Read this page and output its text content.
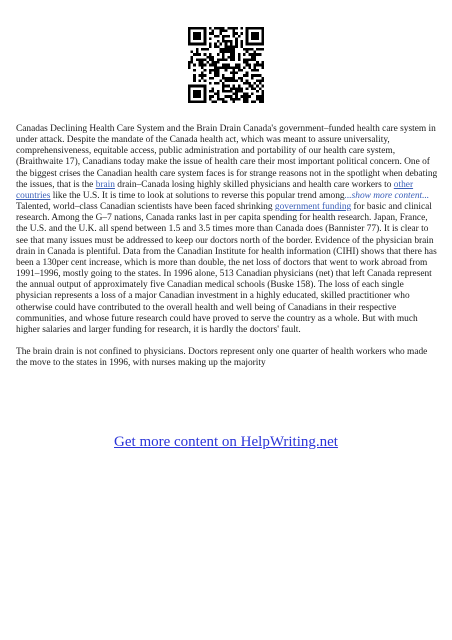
Canadas Declining Health Care System and the Brain Drain Canada's government–funded health care system in under attack. Despite the mandate of the Canada health act, which was meant to assure universality, comprehensiveness, equitable access, public administration and portability of our health care system, (Braithwaite 17), Canadians today make the issue of health care their most important political concern. One of the biggest crises the Canadian health care system faces is for strange reasons not in the spotlight when debating the issues, that is the brain drain–Canada losing highly skilled physicians and health care workers to other countries like the U.S. It is time to look at solutions to reverse this popular trend among...show more content...

Talented, world–class Canadian scientists have been faced shrinking government funding for basic and clinical research. Among the G–7 nations, Canada ranks last in per capita spending for health research. Japan, France, the U.S. and the U.K. all spend between 1.5 and 3.5 times more than Canada does (Bannister 77). It is clear to see that many issues must be addressed to keep our doctors north of the border. Evidence of the physician brain drain in Canada is plentiful. Data from the Canadian Institute for health information (CIHI) shows that there has been a 130per cent increase, which is more than double, the net loss of doctors that went to work abroad from 1991–1996, mostly going to the states. In 1996 alone, 513 Canadian physicians (net) that left Canada represent the annual output of approximately five Canadian medical schools (Buske 158). The loss of each single physician represents a loss of a major Canadian investment in a highly educated, skilled practitioner who otherwise could have contributed to the overall health and well being of Canadians in their respective communities, and whose future research could have proved to serve the country as a whole. But with much higher salaries and larger funding for research, it is hardly the doctors' fault.

The brain drain is not confined to physicians. Doctors represent only one quarter of health workers who made the move to the states in 1996, with nurses making up the majority

Get more content on HelpWriting.net
